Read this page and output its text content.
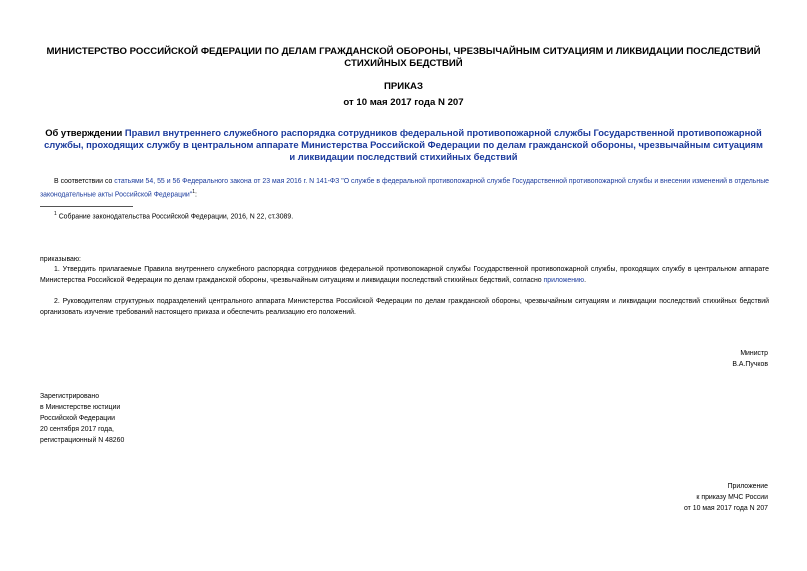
МИНИСТЕРСТВО РОССИЙСКОЙ ФЕДЕРАЦИИ ПО ДЕЛАМ ГРАЖДАНСКОЙ ОБОРОНЫ, ЧРЕЗВЫЧАЙНЫМ СИТУАЦИЯМ И ЛИКВИДАЦИИ ПОСЛЕДСТВИЙ СТИХИЙНЫХ БЕДСТВИЙ
ПРИКАЗ
от 10 мая 2017 года N 207
Об утверждении Правил внутреннего служебного распорядка сотрудников федеральной противопожарной службы Государственной противопожарной службы, проходящих службу в центральном аппарате Министерства Российской Федерации по делам гражданской обороны, чрезвычайным ситуациям и ликвидации последствий стихийных бедствий
В соответствии со статьями 54, 55 и 56 Федерального закона от 23 мая 2016 г. N 141-ФЗ "О службе в федеральной противопожарной службе Государственной противопожарной службы и внесении изменений в отдельные законодательные акты Российской Федерации"$^1$:
$^1$ Собрание законодательства Российской Федерации, 2016, N 22, ст.3089.
приказываю:
1. Утвердить прилагаемые Правила внутреннего служебного распорядка сотрудников федеральной противопожарной службы Государственной противопожарной службы, проходящих службу в центральном аппарате Министерства Российской Федерации по делам гражданской обороны, чрезвычайным ситуациям и ликвидации последствий стихийных бедствий, согласно приложению.
2. Руководителям структурных подразделений центрального аппарата Министерства Российской Федерации по делам гражданской обороны, чрезвычайным ситуациям и ликвидации последствий стихийных бедствий организовать изучение требований настоящего приказа и обеспечить реализацию его положений.
Министр
В.А.Пучков
Зарегистрировано
в Министерстве юстиции
Российской Федерации
20 сентября 2017 года,
регистрационный N 48260
Приложение
к приказу МЧС России
от 10 мая 2017 года N 207
